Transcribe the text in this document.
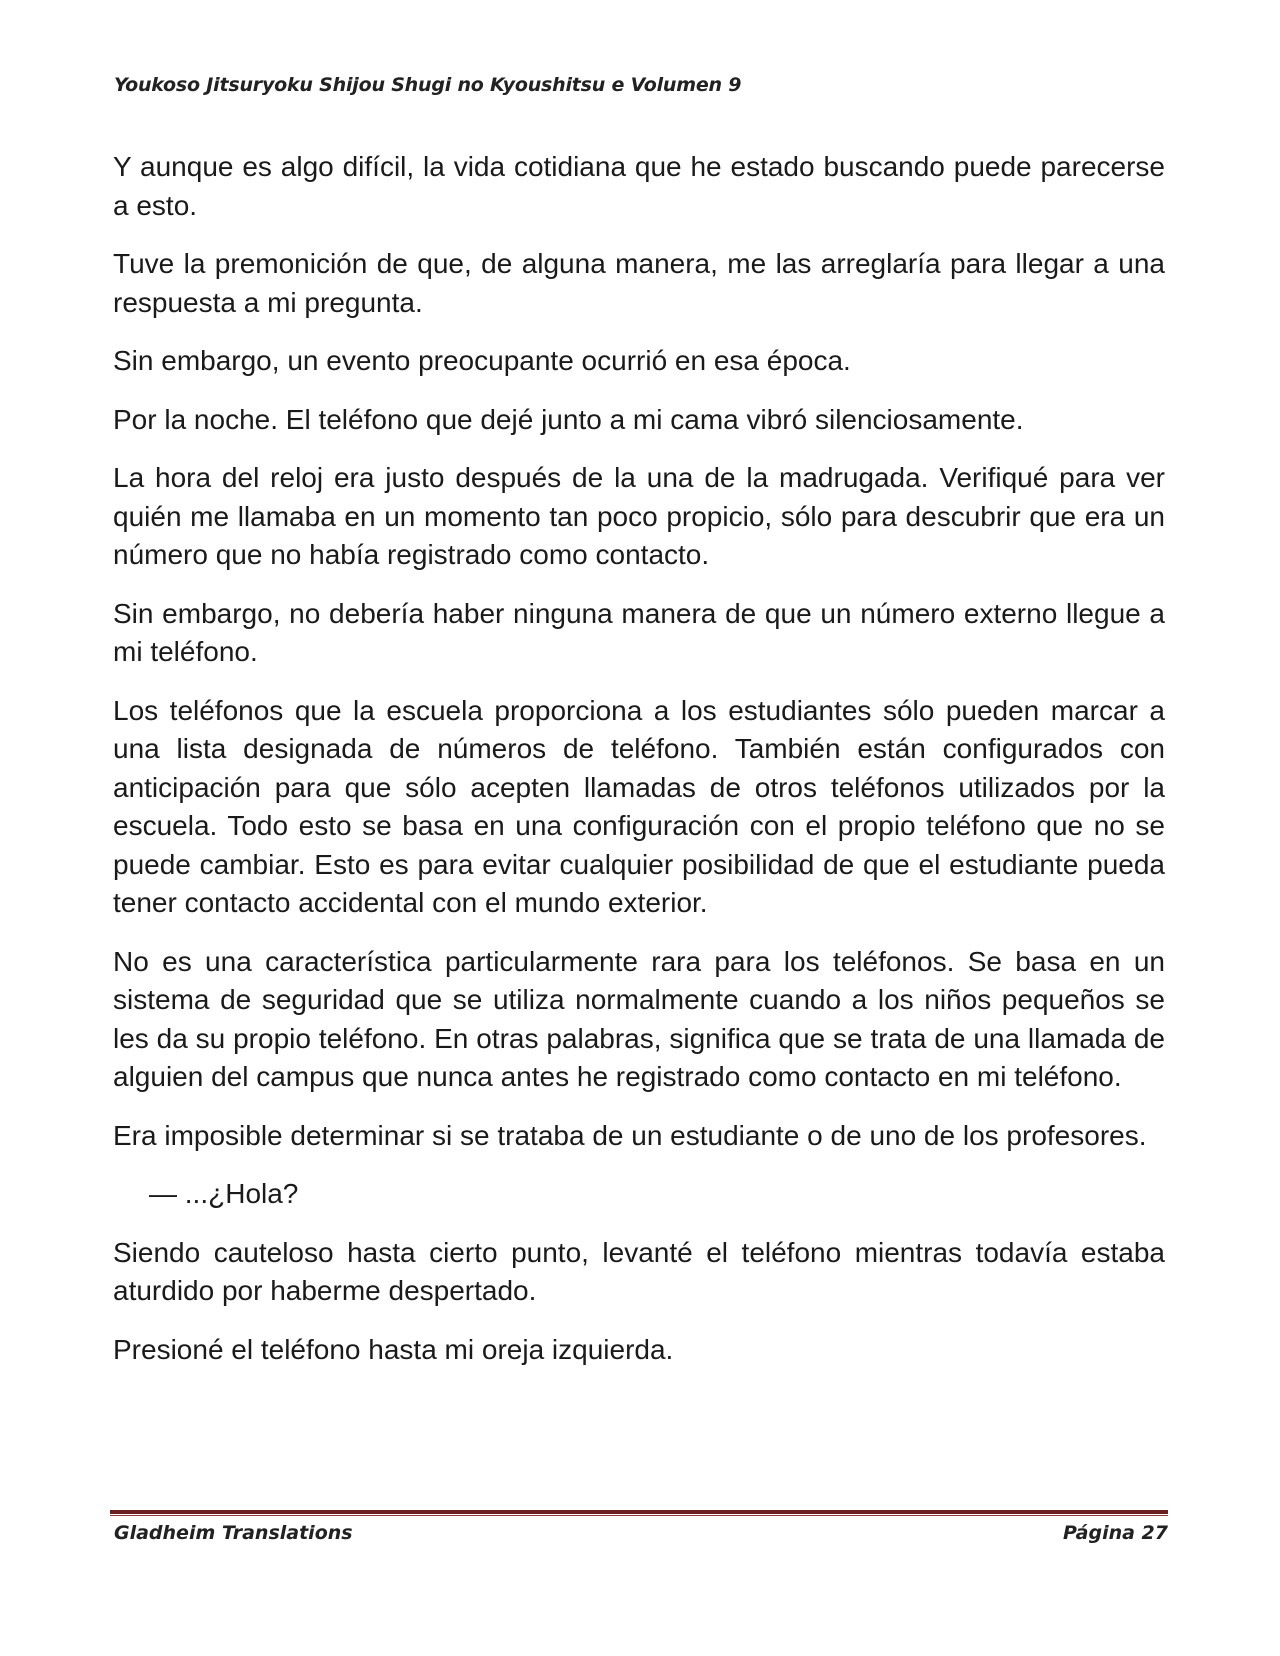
Youkoso Jitsuryoku Shijou Shugi no Kyoushitsu e Volumen 9

Y aunque es algo difícil, la vida cotidiana que he estado buscando puede parecerse a esto.

Tuve la premonición de que, de alguna manera, me las arreglaría para llegar a una respuesta a mi pregunta.

Sin embargo, un evento preocupante ocurrió en esa época.

Por la noche. El teléfono que dejé junto a mi cama vibró silenciosamente.

La hora del reloj era justo después de la una de la madrugada. Verifiqué para ver quién me llamaba en un momento tan poco propicio, sólo para descubrir que era un número que no había registrado como contacto.

Sin embargo, no debería haber ninguna manera de que un número externo llegue a mi teléfono.

Los teléfonos que la escuela proporciona a los estudiantes sólo pueden marcar a una lista designada de números de teléfono. También están configurados con anticipación para que sólo acepten llamadas de otros teléfonos utilizados por la escuela. Todo esto se basa en una configuración con el propio teléfono que no se puede cambiar. Esto es para evitar cualquier posibilidad de que el estudiante pueda tener contacto accidental con el mundo exterior.

No es una característica particularmente rara para los teléfonos. Se basa en un sistema de seguridad que se utiliza normalmente cuando a los niños pequeños se les da su propio teléfono. En otras palabras, significa que se trata de una llamada de alguien del campus que nunca antes he registrado como contacto en mi teléfono.

Era imposible determinar si se trataba de un estudiante o de uno de los profesores.

— ...¿Hola?

Siendo cauteloso hasta cierto punto, levanté el teléfono mientras todavía estaba aturdido por haberme despertado.

Presioné el teléfono hasta mi oreja izquierda.

Gladheim Translations	Página 27
